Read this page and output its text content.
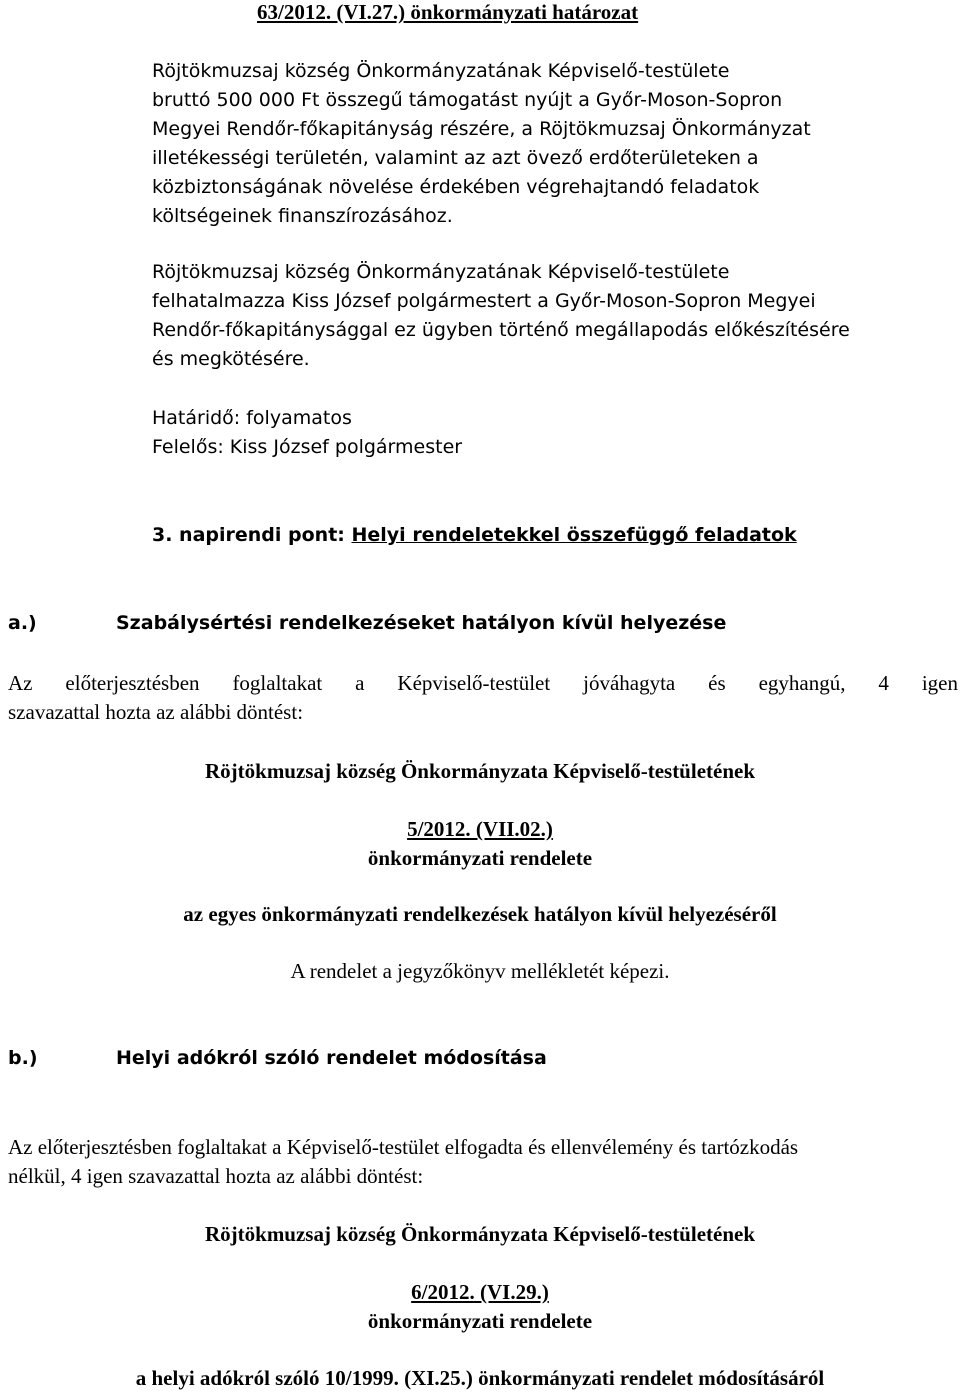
63/2012. (VI.27.) önkormányzati határozat
Röjtökmuzsaj község Önkormányzatának Képviselő-testülete
bruttó 500 000 Ft összegű támogatást nyújt a Győr-Moson-Sopron
Megyei Rendőr-főkapitányság részére, a Röjtökmuzsaj Önkormányzat
illetékességi területén, valamint az azt övező erdőterületeken a
közbiztonságának növelése érdekében végrehajtandó feladatok
költségeinek finanszírozásához.
Röjtökmuzsaj község Önkormányzatának Képviselő-testülete
felhatalmazza Kiss József polgármestert a Győr-Moson-Sopron Megyei
Rendőr-főkapitánysággal ez ügyben történő megállapodás előkészítésére
és megkötésére.
Határidő: folyamatos
Felelős: Kiss József polgármester
3. napirendi pont: Helyi rendeletekkel összefüggő feladatok
a.)	Szabálysértési rendelkezéseket hatályon kívül helyezése
Az előterjesztésben foglaltakat a Képviselő-testület jóváhagyta és egyhangú, 4 igen
szavazattal hozta az alábbi döntést:
Röjtökmuzsaj község Önkormányzata Képviselő-testületének
5/2012. (VII.02.)
önkormányzati rendelete
az egyes önkormányzati rendelkezések hatályon kívül helyezéséről
A rendelet a jegyzőkönyv mellékletét képezi.
b.)	Helyi adókról szóló rendelet módosítása
Az előterjesztésben foglaltakat a Képviselő-testület elfogadta és ellenvélemény és tartózkodás
nélkül, 4 igen szavazattal hozta az alábbi döntést:
Röjtökmuzsaj község Önkormányzata Képviselő-testületének
6/2012. (VI.29.)
önkormányzati rendelete
a helyi adókról szóló 10/1999. (XI.25.) önkormányzati rendelet módosításáról
